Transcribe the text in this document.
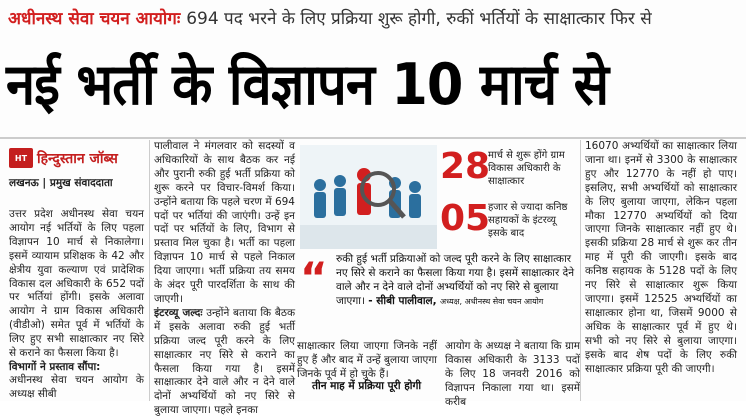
अधीनस्थ सेवा चयन आयोगः 694 पद भरने के लिए प्रक्रिया शुरू होगी, रुकीं भर्तियों के साक्षात्कार फिर से
नई भर्ती के विज्ञापन 10 मार्च से
HT हिन्दुस्तान जॉब्स
लखनऊ | प्रमुख संवाददाता

उत्तर प्रदेश अधीनस्थ सेवा चयन आयोग नई भर्तियों के लिए पहला विज्ञापन 10 मार्च से निकालेगा। इसमें व्यायाम प्रशिक्षक के 42 और क्षेत्रीय युवा कल्याण एवं प्रादेशिक विकास दल अधिकारी के 652 पदों पर भर्तियां होंगी। इसके अलावा आयोग ने ग्राम विकास अधिकारी (वीडीओ) समेत पूर्व में भर्तियों के लिए हुए सभी साक्षात्कार नए सिरे से कराने का फैसला किया है।

विभागों ने प्रस्ताव सौंपा:

अधीनस्थ सेवा चयन आयोग के अध्यक्ष सीबी

पालीवाल ने मंगलवार को सदस्यों व अधिकारियों के साथ बैठक कर नई और पुरानी रुकी हुई भर्ती प्रक्रिया को शुरू करने पर विचार-विमर्श किया। उन्होंने बताया कि पहले चरण में 694 पदों पर भर्तियां की जाएंगी। उन्हें इन पदों पर भर्तियों के लिए, विभाग से प्रस्ताव मिल चुका है। भर्ती का पहला विज्ञापन 10 मार्च से पहले निकाल दिया जाएगा। भर्ती प्रक्रिया तय समय के अंदर पूरी पारदर्शिता के साथ की जाएगी।

इंटरव्यू जल्दः उन्होंने बताया कि बैठक में इसके अलावा रुकी हुई भर्ती प्रक्रिया जल्द पूरी करने के लिए साक्षात्कार नए सिरे से कराने का फैसला किया गया है। इसमें साक्षात्कार देने वाले और न देने वाले दोनों अभ्यर्थियों को नए सिरे से बुलाया जाएगा। पहले इनका

28
मार्च से शुरू होंगे ग्राम विकास अधिकारी के साक्षात्कार
05
हजार से ज्यादा कनिष्ठ सहायकों के इंटरव्यू इसके बाद
“ रुकी हुई भर्ती प्रक्रियाओं को जल्द पूरी करने के लिए साक्षात्कार नए सिरे से कराने का फैसला किया गया है। इसमें साक्षात्कार देने वाले और न देने वाले दोनों अभ्यर्थियों को नए सिरे से बुलाया जाएगा। - सीबी पालीवाल, अध्यक्ष, अधीनस्थ सेवा चयन आयोग

साक्षात्कार लिया जाएगा जिनके नहीं हुए हैं और बाद में उन्हें बुलाया जाएगा जिनके पूर्व में हो चुके हैं।

तीन माह में प्रक्रिया पूरी होगी

आयोग के अध्यक्ष ने बताया कि ग्राम विकास अधिकारी के 3133 पदों के लिए 18 जनवरी 2016 को विज्ञापन निकाला गया था। इसमें करीब

16070 अभ्यर्थियों का साक्षात्कार लिया जाना था। इनमें से 3300 के साक्षात्कार हुए और 12770 के नहीं हो पाए। इसलिए, सभी अभ्यर्थियों को साक्षात्कार के लिए बुलाया जाएगा, लेकिन पहला मौका 12770 अभ्यर्थियों को दिया जाएगा जिनके साक्षात्कार नहीं हुए थे। इसकी प्रक्रिया 28 मार्च से शुरू कर तीन माह में पूरी की जाएगी। इसके बाद कनिष्ठ सहायक के 5128 पदों के लिए नए सिरे से साक्षात्कार शुरू किया जाएगा। इसमें 12525 अभ्यर्थियों का साक्षात्कार होना था, जिसमें 9000 से अधिक के साक्षात्कार पूर्व में हुए थे। सभी को नए सिरे से बुलाया जाएगा। इसके बाद शेष पदों के लिए रुकी साक्षात्कार प्रक्रिया पूरी की जाएगी।
